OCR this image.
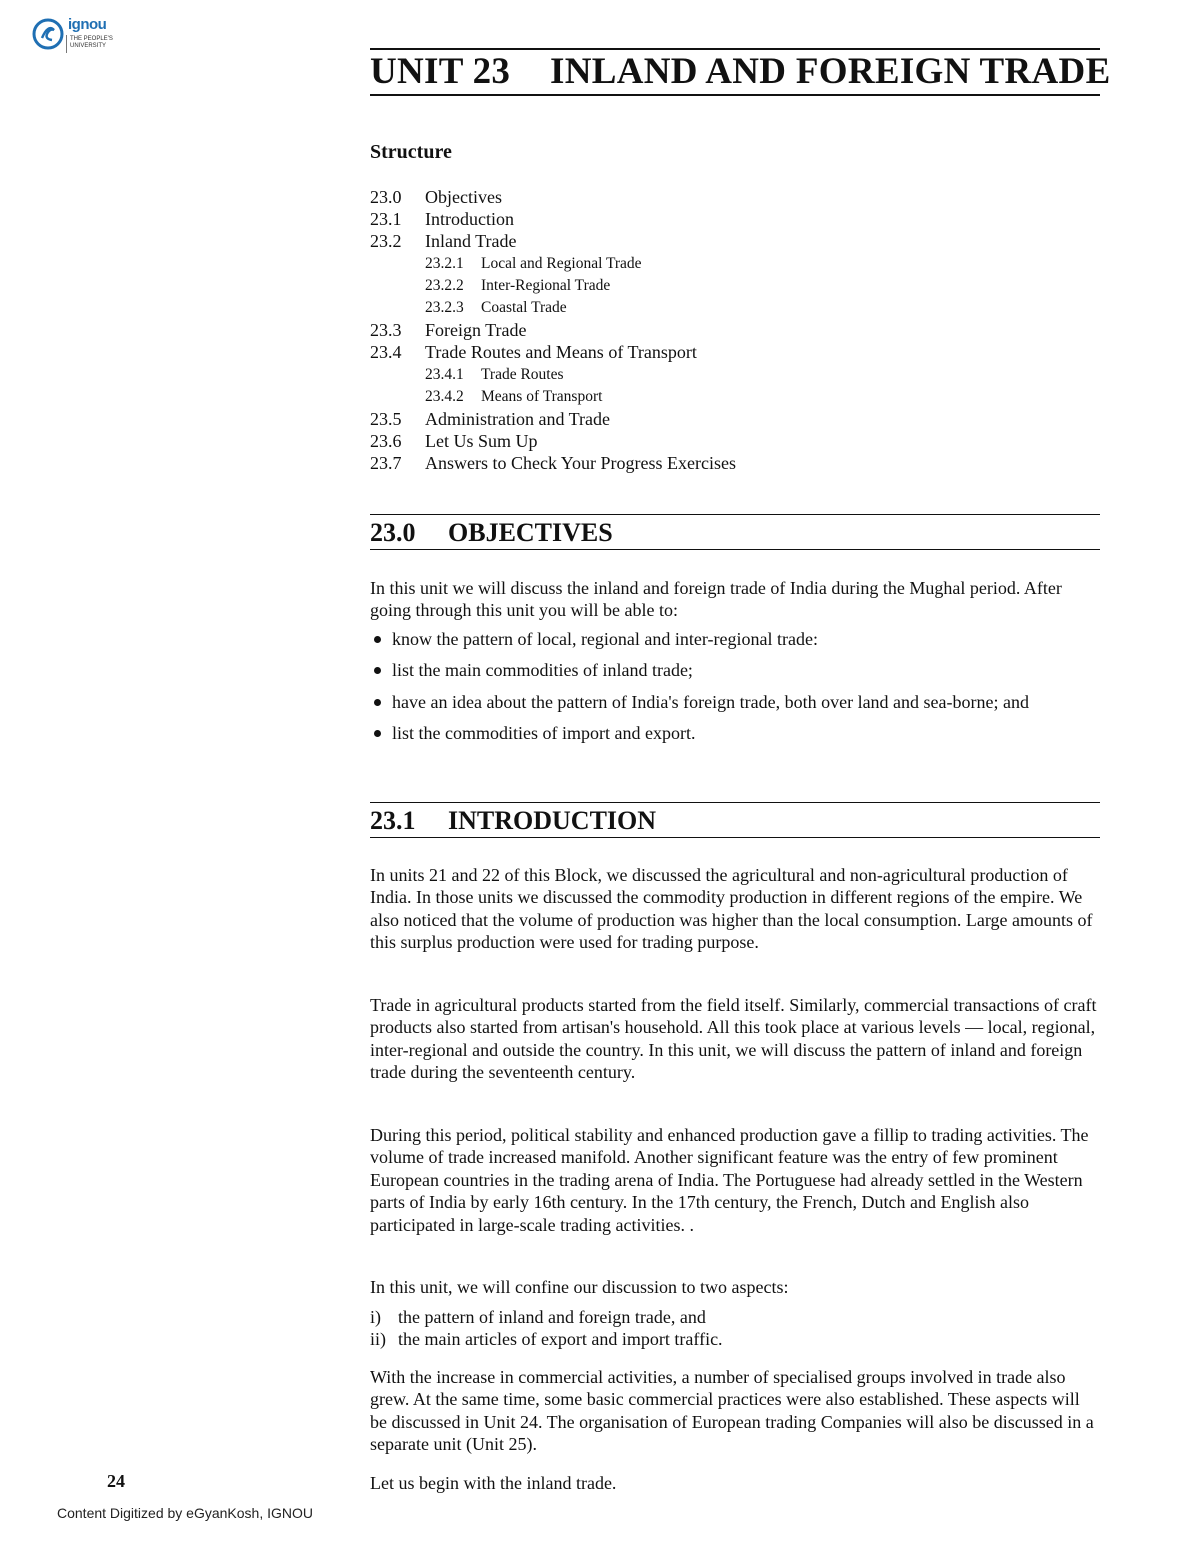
ignou
THE PEOPLE'S UNIVERSITY
UNIT 23 INLAND AND FOREIGN TRADE
Structure
23.0 Objectives
23.1 Introduction
23.2 Inland Trade
23.2.1 Local and Regional Trade
23.2.2 Inter-Regional Trade
23.2.3 Coastal Trade
23.3 Foreign Trade
23.4 Trade Routes and Means of Transport
23.4.1 Trade Routes
23.4.2 Means of Transport
23.5 Administration and Trade
23.6 Let Us Sum Up
23.7 Answers to Check Your Progress Exercises
23.0 OBJECTIVES
In this unit we will discuss the inland and foreign trade of India during the Mughal period. After going through this unit you will be able to:
know the pattern of local, regional and inter-regional trade:
list the main commodities of inland trade;
have an idea about the pattern of India's foreign trade, both over land and sea-borne; and
list the commodities of import and export.
23.1 INTRODUCTION
In units 21 and 22 of this Block, we discussed the agricultural and non-agricultural production of India. In those units we discussed the commodity production in different regions of the empire. We also noticed that the volume of production was higher than the local consumption. Large amounts of this surplus production were used for trading purpose.
Trade in agricultural products started from the field itself. Similarly, commercial transactions of craft products also started from artisan's household. All this took place at various levels — local, regional, inter-regional and outside the country. In this unit, we will discuss the pattern of inland and foreign trade during the seventeenth century.
During this period, political stability and enhanced production gave a fillip to trading activities. The volume of trade increased manifold. Another significant feature was the entry of few prominent European countries in the trading arena of India. The Portuguese had already settled in the Western parts of India by early 16th century. In the 17th century, the French, Dutch and English also participated in large-scale trading activities. .
In this unit, we will confine our discussion to two aspects:
i) the pattern of inland and foreign trade, and
ii) the main articles of export and import traffic.
With the increase in commercial activities, a number of specialised groups involved in trade also grew. At the same time, some basic commercial practices were also established. These aspects will be discussed in Unit 24. The organisation of European trading Companies will also be discussed in a separate unit (Unit 25).
Let us begin with the inland trade.
24
Content Digitized by eGyanKosh, IGNOU
